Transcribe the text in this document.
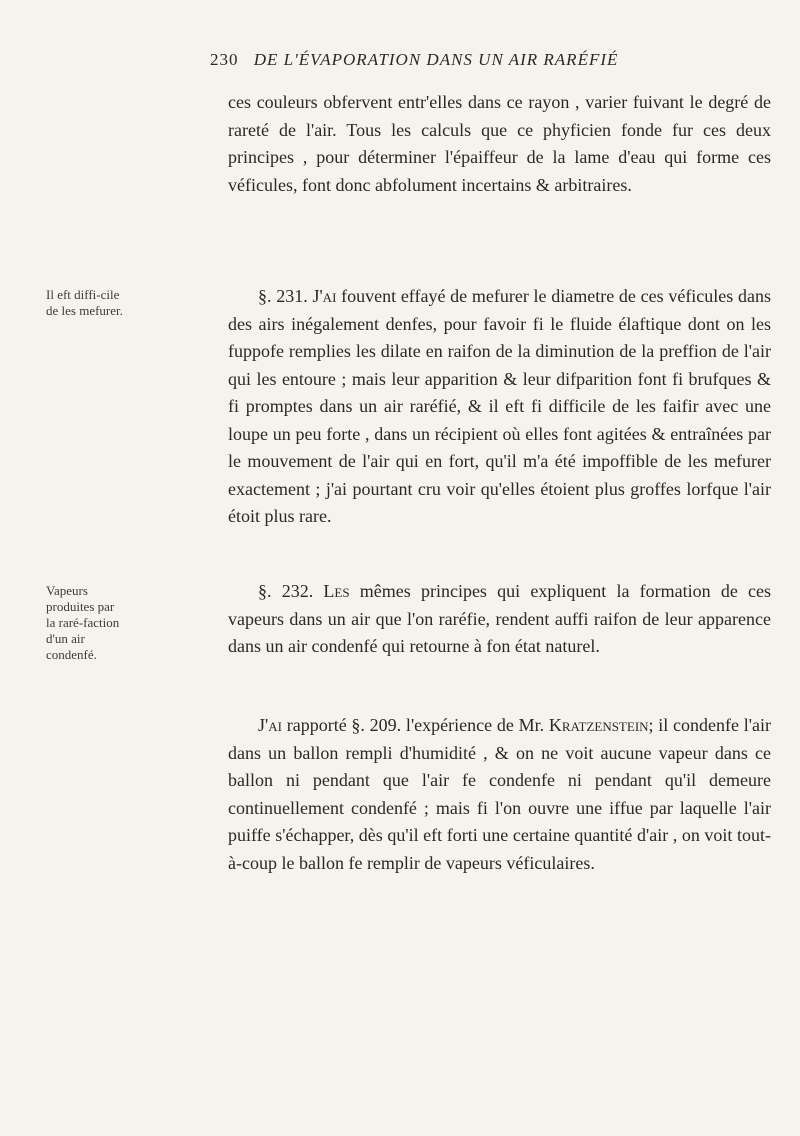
230 DE L'ÉVAPORATION DANS UN AIR RARÉFIÉ

ces couleurs obfervent entr'elles dans ce rayon , varier fuivant le degré de rareté de l'air. Tous les calculs que ce phyficien fonde fur ces deux principes , pour déterminer l'épaiffeur de la lame d'eau qui forme ces véficules, font donc abfolument incertains & arbitraires.

Il eft diffi-cile de les mefurer.

§. 231. J'ai fouvent effayé de mefurer le diametre de ces véficules dans des airs inégalement denfes, pour favoir fi le fluide élaftique dont on les fuppofe remplies les dilate en raifon de la diminution de la preffion de l'air qui les entoure ; mais leur apparition & leur difparition font fi brufques & fi promptes dans un air raréfié, & il eft fi difficile de les faifir avec une loupe un peu forte , dans un récipient où elles font agitées & entraînées par le mouvement de l'air qui en fort, qu'il m'a été impoffible de les mefurer exactement ; j'ai pourtant cru voir qu'elles étoient plus groffes lorfque l'air étoit plus rare.

Vapeurs produites par la raré-faction d'un air condenfé.

§. 232. Les mêmes principes qui expliquent la formation de ces vapeurs dans un air que l'on raréfie, rendent auffi raifon de leur apparence dans un air condenfé qui retourne à fon état naturel.

J'ai rapporté §. 209. l'expérience de Mr. Kratzenstein; il condenfe l'air dans un ballon rempli d'humidité , & on ne voit aucune vapeur dans ce ballon ni pendant que l'air fe condenfe ni pendant qu'il demeure continuellement condenfé ; mais fi l'on ouvre une iffue par laquelle l'air puiffe s'échapper, dès qu'il eft forti une certaine quantité d'air , on voit tout-à-coup le ballon fe remplir de vapeurs véficulaires.
